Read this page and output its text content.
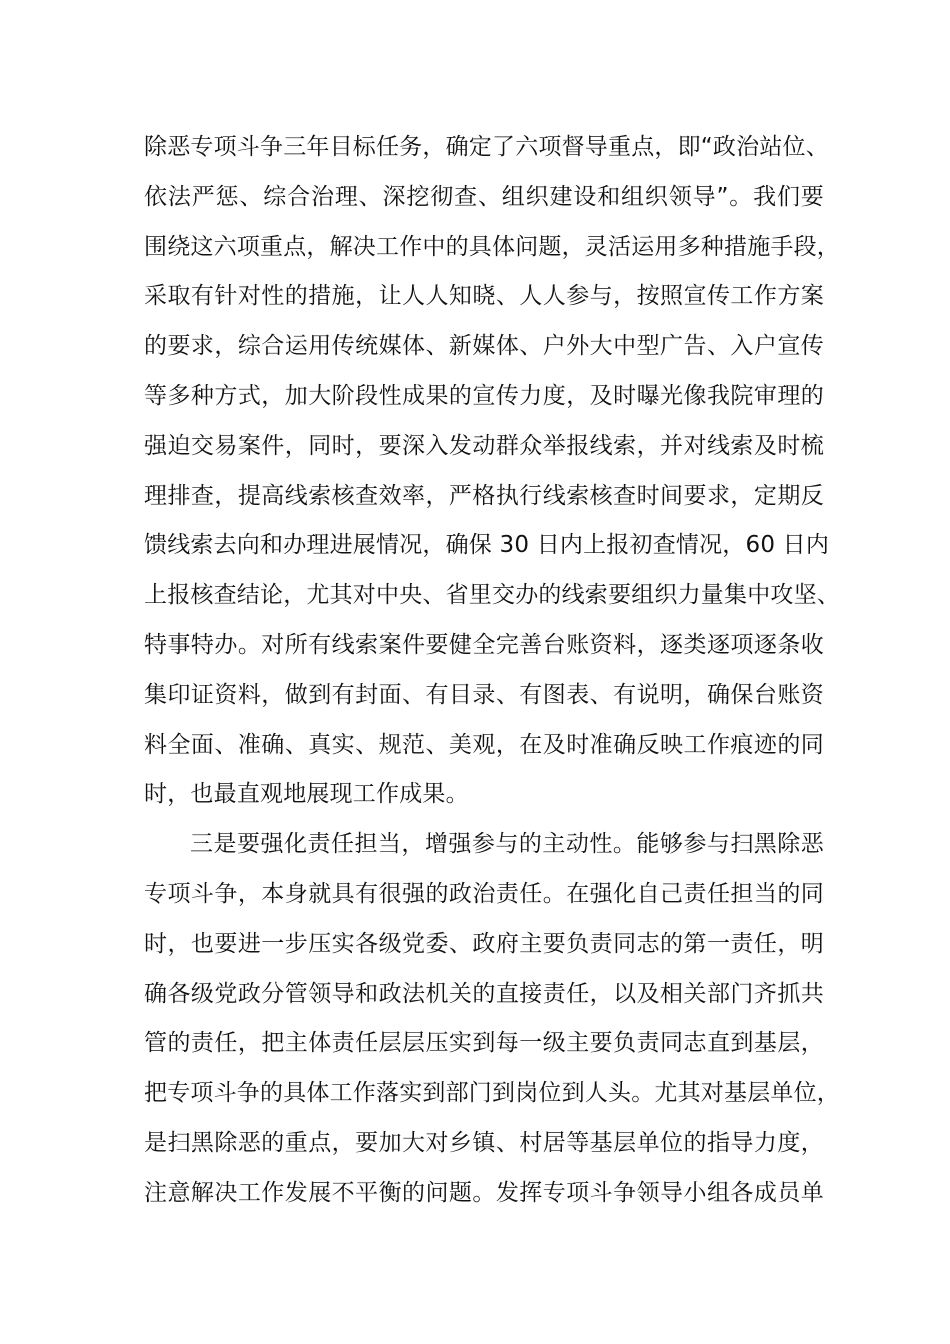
除恶专项斗争三年目标任务，确定了六项督导重点，即“政治站位、
依法严惩、综合治理、深挖彻查、组织建设和组织领导”。我们要
围绕这六项重点，解决工作中的具体问题，灵活运用多种措施手段，
采取有针对性的措施，让人人知晓、人人参与，按照宣传工作方案
的要求，综合运用传统媒体、新媒体、户外大中型广告、入户宣传
等多种方式，加大阶段性成果的宣传力度，及时曝光像我院审理的
强迫交易案件，同时，要深入发动群众举报线索，并对线索及时梳
理排查，提高线索核查效率，严格执行线索核查时间要求，定期反
馈线索去向和办理进展情况，确保 30 日内上报初查情况，60 日内
上报核查结论，尤其对中央、省里交办的线索要组织力量集中攻坚、
特事特办。对所有线索案件要健全完善台账资料，逐类逐项逐条收
集印证资料，做到有封面、有目录、有图表、有说明，确保台账资
料全面、准确、真实、规范、美观，在及时准确反映工作痕迹的同
时，也最直观地展现工作成果。
三是要强化责任担当，增强参与的主动性。能够参与扫黑除恶
专项斗争，本身就具有很强的政治责任。在强化自己责任担当的同
时，也要进一步压实各级党委、政府主要负责同志的第一责任，明
确各级党政分管领导和政法机关的直接责任，以及相关部门齐抓共
管的责任，把主体责任层层压实到每一级主要负责同志直到基层，
把专项斗争的具体工作落实到部门到岗位到人头。尤其对基层单位，
是扫黑除恶的重点，要加大对乡镇、村居等基层单位的指导力度，
注意解决工作发展不平衡的问题。发挥专项斗争领导小组各成员单
